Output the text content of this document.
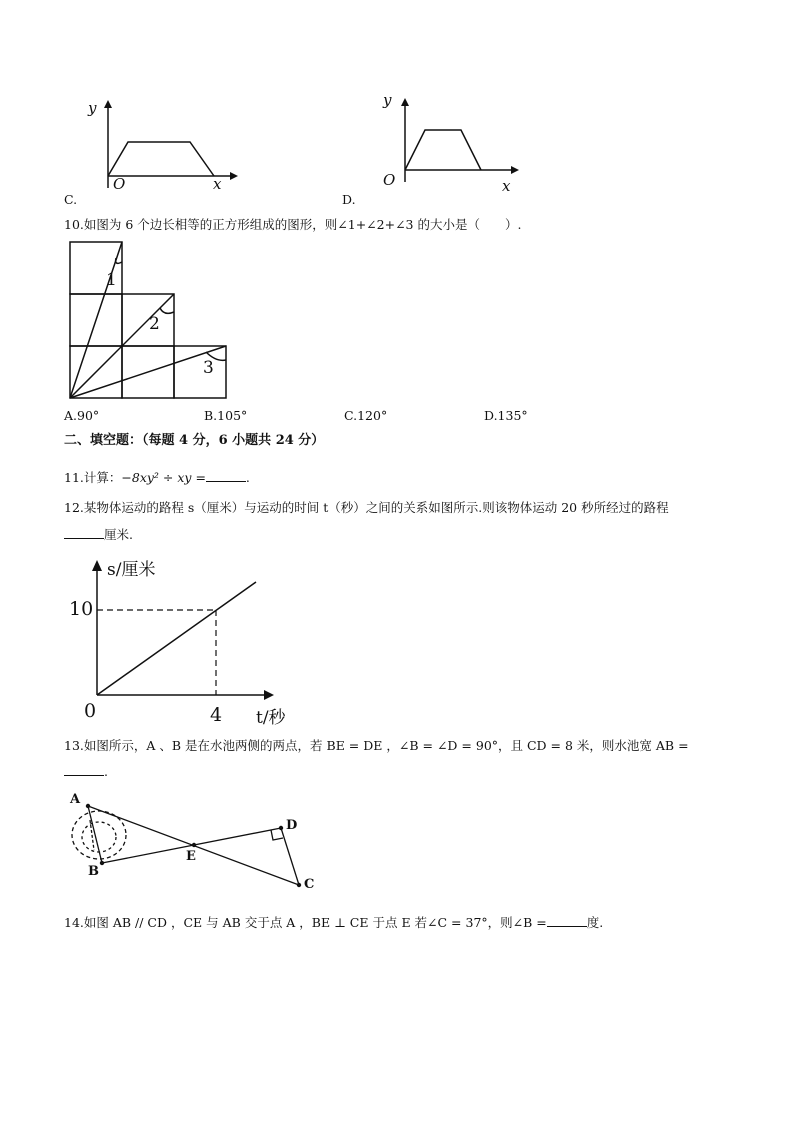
y
x
O
C.
y
x
O
D.
10.如图为 6 个边长相等的正方形组成的图形，则∠1+∠2+∠3 的大小是（　　）.
1
2
3
A.90°	B.105°	C.120°	D.135°
二、填空题：（每题 4 分，6 小题共 24 分）
11.计算：−8xy² ÷ xy =	.
12.某物体运动的路程 s（厘米）与运动的时间 t（秒）之间的关系如图所示.则该物体运动 20 秒所经过的路程
厘米.
s/厘米
10
4
0	t/秒
13.如图所示，A 、B 是在水池两侧的两点，若 BE = DE ，∠B = ∠D = 90°，且 CD = 8 米，则水池宽 AB =
.
A
B
E
D
C
14.如图 AB // CD ，CE 与 AB 交于点 A ，BE ⊥ CE 于点 E 若∠C = 37°，则∠B =	度.
